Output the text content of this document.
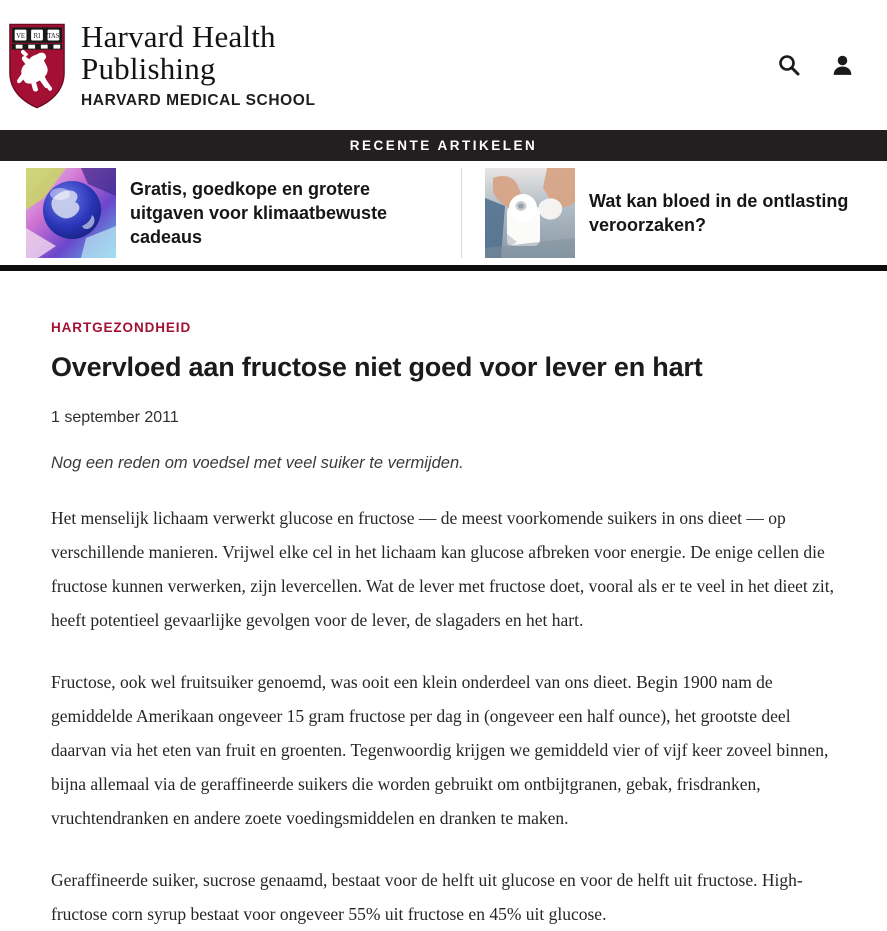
VE RI TAS Harvard Health
Publishing
HARVARD MEDICAL SCHOOL
RECENTE ARTIKELEN
Gratis, goedkope en grotere uitgaven voor klimaatbewuste cadeaus
Wat kan bloed in de ontlasting veroorzaken?
HARTGEZONDHEID
Overvloed aan fructose niet goed voor lever en hart
1 september 2011

Nog een reden om voedsel met veel suiker te vermijden.

Het menselijk lichaam verwerkt glucose en fructose — de meest voorkomende suikers in ons dieet — op verschillende manieren. Vrijwel elke cel in het lichaam kan glucose afbreken voor energie. De enige cellen die fructose kunnen verwerken, zijn levercellen. Wat de lever met fructose doet, vooral als er te veel in het dieet zit, heeft potentieel gevaarlijke gevolgen voor de lever, de slagaders en het hart.

Fructose, ook wel fruitsuiker genoemd, was ooit een klein onderdeel van ons dieet. Begin 1900 nam de gemiddelde Amerikaan ongeveer 15 gram fructose per dag in (ongeveer een half ounce), het grootste deel daarvan via het eten van fruit en groenten. Tegenwoordig krijgen we gemiddeld vier of vijf keer zoveel binnen, bijna allemaal via de geraffineerde suikers die worden gebruikt om ontbijtgranen, gebak, frisdranken, vruchtendranken en andere zoete voedingsmiddelen en dranken te maken.

Geraffineerde suiker, sucrose genaamd, bestaat voor de helft uit glucose en voor de helft uit fructose. High-fructose corn syrup bestaat voor ongeveer 55% uit fructose en 45% uit glucose.
